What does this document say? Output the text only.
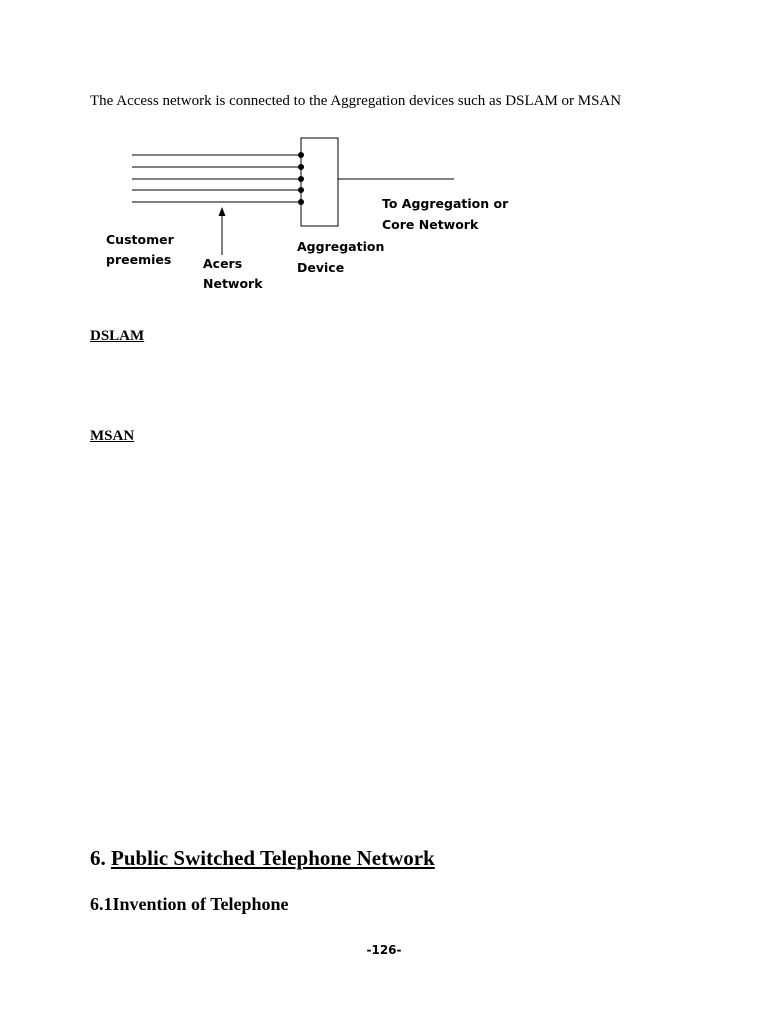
The Access network is connected to the Aggregation devices such as DSLAM or MSAN

Customer
preemies	Acers
Network
Aggregation
Device
To Aggregation or
Core Network
DSLAM
MSAN
6. Public Switched Telephone Network
6.1Invention of Telephone
-126-
